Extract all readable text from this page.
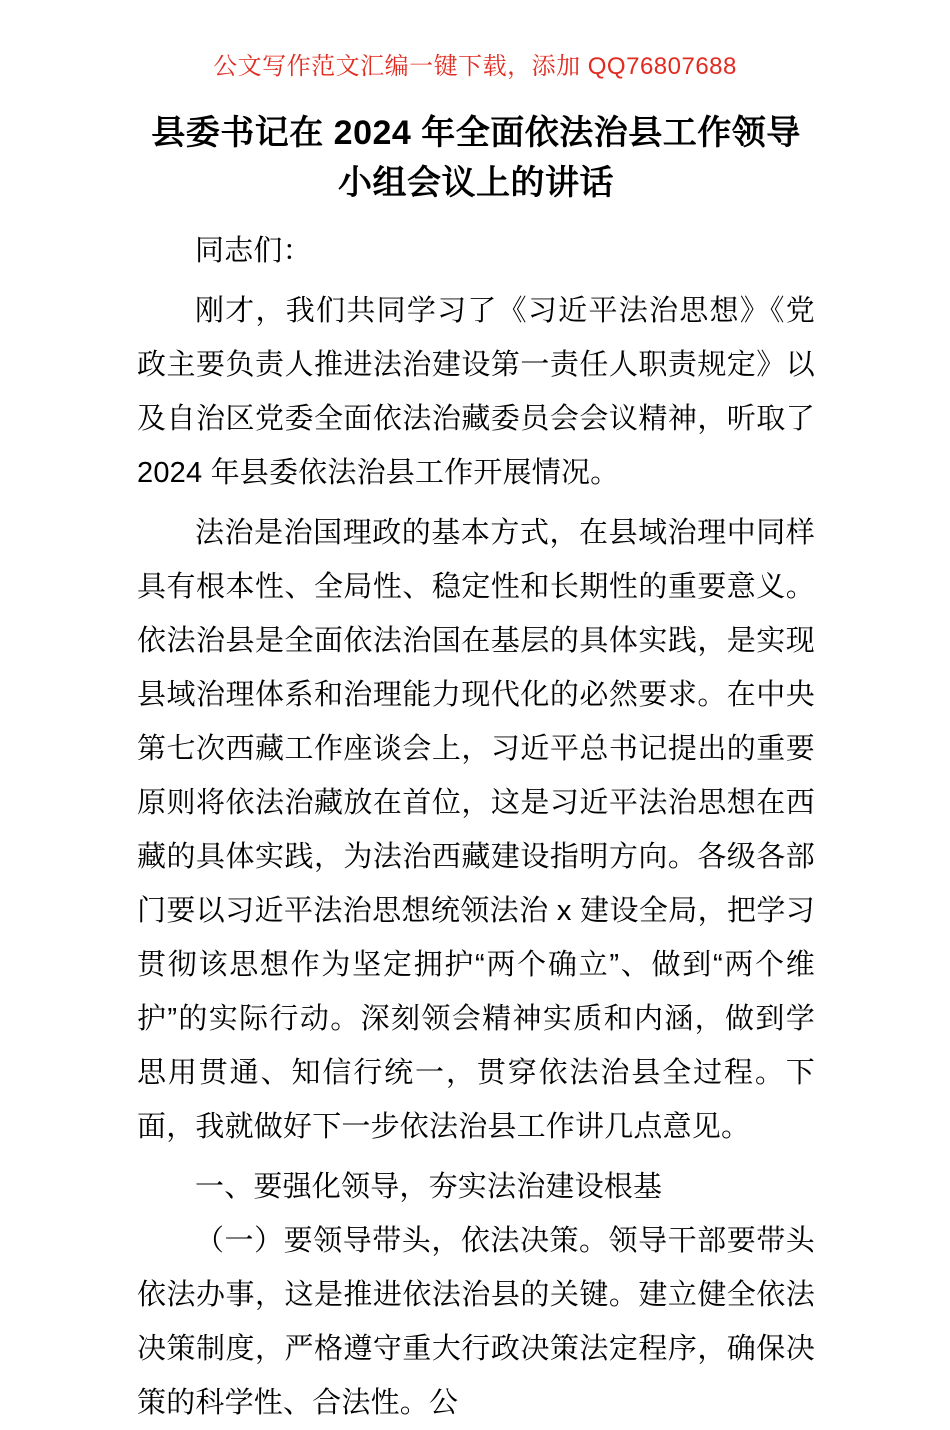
公文写作范文汇编一键下载，添加 QQ76807688
县委书记在 2024 年全面依法治县工作领导小组会议上的讲话

同志们：

刚才，我们共同学习了《习近平法治思想》《党政主要负责人推进法治建设第一责任人职责规定》以及自治区党委全面依法治藏委员会会议精神，听取了 2024 年县委依法治县工作开展情况。

法治是治国理政的基本方式，在县域治理中同样具有根本性、全局性、稳定性和长期性的重要意义。依法治县是全面依法治国在基层的具体实践，是实现县域治理体系和治理能力现代化的必然要求。在中央第七次西藏工作座谈会上，习近平总书记提出的重要原则将依法治藏放在首位，这是习近平法治思想在西藏的具体实践，为法治西藏建设指明方向。各级各部门要以习近平法治思想统领法治 x 建设全局，把学习贯彻该思想作为坚定拥护“两个确立”、做到“两个维护”的实际行动。深刻领会精神实质和内涵，做到学思用贯通、知信行统一，贯穿依法治县全过程。下面，我就做好下一步依法治县工作讲几点意见。

一、要强化领导，夯实法治建设根基

（一）要领导带头，依法决策。领导干部要带头依法办事，这是推进依法治县的关键。建立健全依法决策制度，严格遵守重大行政决策法定程序，确保决策的科学性、合法性。公
